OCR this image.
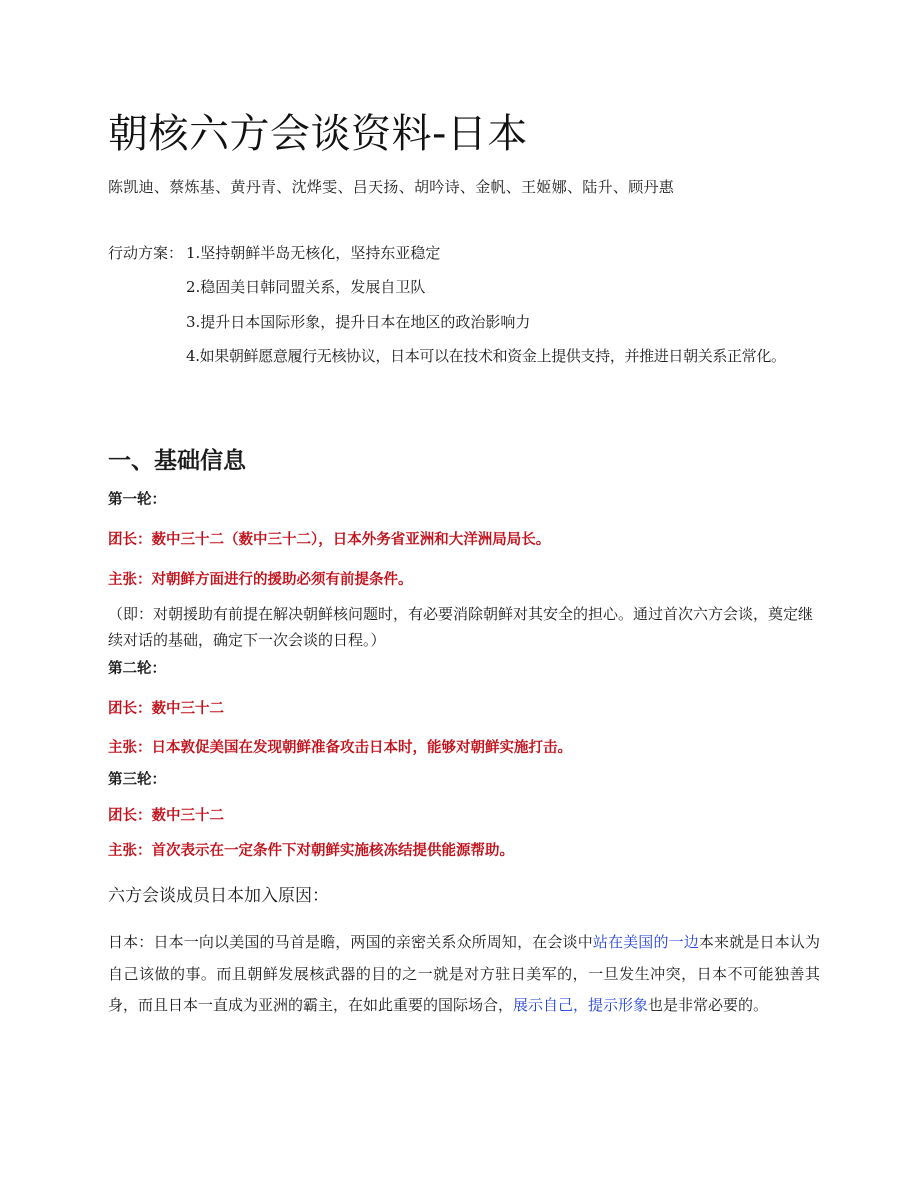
朝核六方会谈资料-日本
陈凯迪、蔡炼基、黄丹青、沈烨雯、吕天扬、胡吟诗、金帆、王姬娜、陆升、顾丹惠
行动方案： 1.坚持朝鲜半岛无核化，坚持东亚稳定
2.稳固美日韩同盟关系，发展自卫队
3.提升日本国际形象，提升日本在地区的政治影响力
4.如果朝鲜愿意履行无核协议，日本可以在技术和资金上提供支持，并推进日朝关系正常化。
一、基础信息
第一轮：
团长：薮中三十二（薮中三十二），日本外务省亚洲和大洋洲局局长。
主张：对朝鲜方面进行的援助必须有前提条件。
（即：对朝援助有前提在解决朝鲜核问题时，有必要消除朝鲜对其安全的担心。通过首次六方会谈，奠定继续对话的基础，确定下一次会谈的日程。）
第二轮：
团长：薮中三十二
主张：日本敦促美国在发现朝鲜准备攻击日本时，能够对朝鲜实施打击。
第三轮：
团长：薮中三十二
主张：首次表示在一定条件下对朝鲜实施核冻结提供能源帮助。
六方会谈成员日本加入原因：
日本：日本一向以美国的马首是瞻，两国的亲密关系众所周知，在会谈中站在美国的一边本来就是日本认为自己该做的事。而且朝鲜发展核武器的目的之一就是对方驻日美军的，一旦发生冲突，日本不可能独善其身，而且日本一直成为亚洲的霸主，在如此重要的国际场合，展示自己，提示形象也是非常必要的。
